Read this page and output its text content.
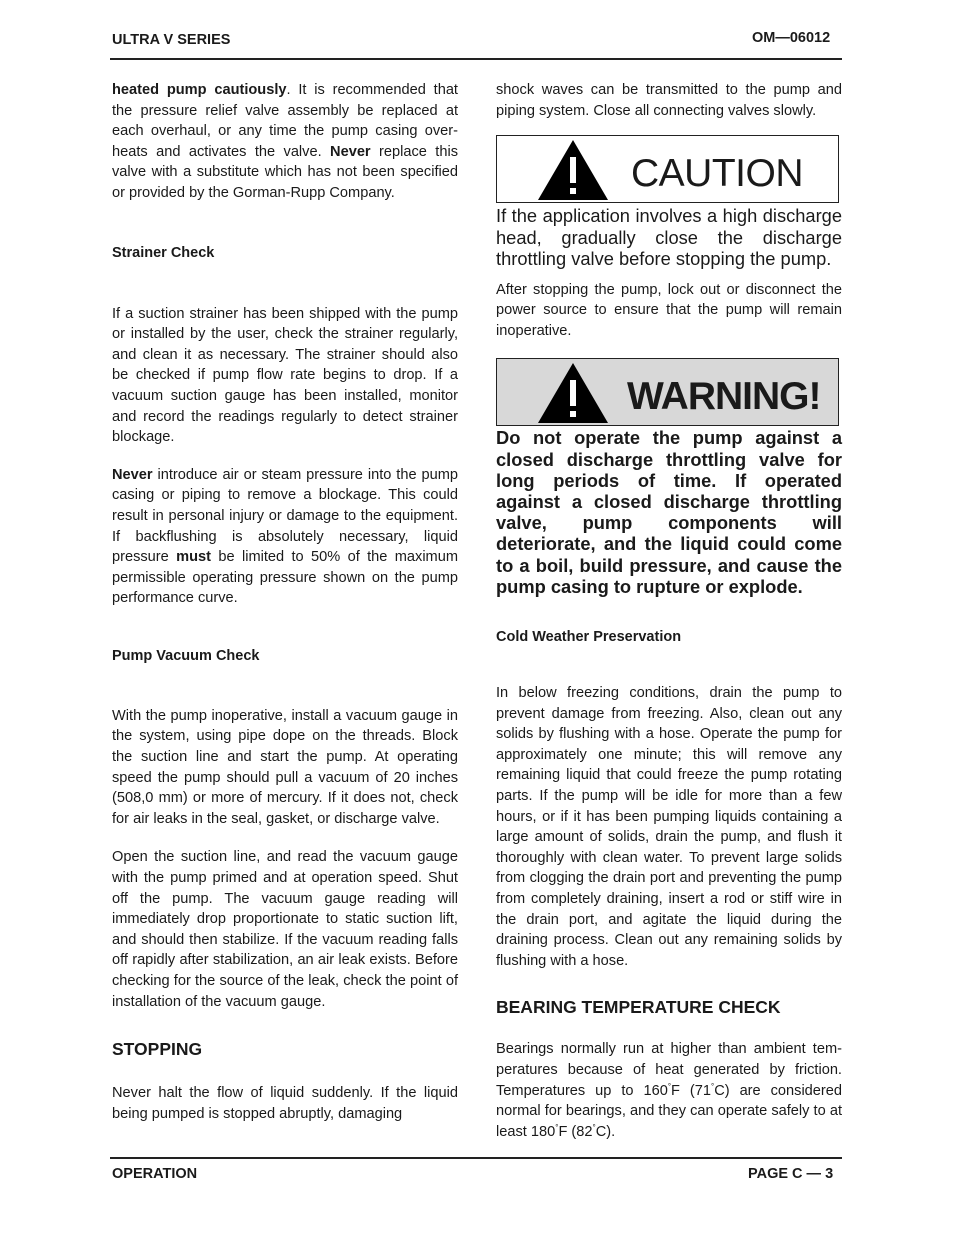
ULTRA V SERIES	OM—06012

heated pump cautiously. It is recommended that the pressure relief valve assembly be replaced at each overhaul, or any time the pump casing overheats and activates the valve. Never replace this valve with a substitute which has not been specified or provided by the Gorman-Rupp Company.

Strainer Check

If a suction strainer has been shipped with the pump or installed by the user, check the strainer regularly, and clean it as necessary. The strainer should also be checked if pump flow rate begins to drop. If a vacuum suction gauge has been installed, monitor and record the readings regularly to detect strainer blockage.

Never introduce air or steam pressure into the pump casing or piping to remove a blockage. This could result in personal injury or damage to the equipment. If backflushing is absolutely necessary, liquid pressure must be limited to 50% of the maximum permissible operating pressure shown on the pump performance curve.

Pump Vacuum Check

With the pump inoperative, install a vacuum gauge in the system, using pipe dope on the threads. Block the suction line and start the pump. At operating speed the pump should pull a vacuum of 20 inches (508,0 mm) or more of mercury. If it does not, check for air leaks in the seal, gasket, or discharge valve.

Open the suction line, and read the vacuum gauge with the pump primed and at operation speed. Shut off the pump. The vacuum gauge reading will immediately drop proportionate to static suction lift, and should then stabilize. If the vacuum reading falls off rapidly after stabilization, an air leak exists. Before checking for the source of the leak, check the point of installation of the vacuum gauge.

STOPPING

Never halt the flow of liquid suddenly. If the liquid being pumped is stopped abruptly, damaging

shock waves can be transmitted to the pump and piping system. Close all connecting valves slowly.

CAUTION

If the application involves a high discharge head, gradually close the discharge throttling valve before stopping the pump.

After stopping the pump, lock out or disconnect the power source to ensure that the pump will remain inoperative.

WARNING!

Do not operate the pump against a closed discharge throttling valve for long periods of time. If operated against a closed discharge throttling valve, pump components will deteriorate, and the liquid could come to a boil, build pressure, and cause the pump casing to rupture or explode.

Cold Weather Preservation

In below freezing conditions, drain the pump to prevent damage from freezing. Also, clean out any solids by flushing with a hose. Operate the pump for approximately one minute; this will remove any remaining liquid that could freeze the pump rotating parts. If the pump will be idle for more than a few hours, or if it has been pumping liquids containing a large amount of solids, drain the pump, and flush it thoroughly with clean water. To prevent large solids from clogging the drain port and preventing the pump from completely draining, insert a rod or stiff wire in the drain port, and agitate the liquid during the draining process. Clean out any remaining solids by flushing with a hose.

BEARING TEMPERATURE CHECK

Bearings normally run at higher than ambient temperatures because of heat generated by friction. Temperatures up to 160°F (71°C) are considered normal for bearings, and they can operate safely to at least 180°F (82°C).

OPERATION	PAGE C — 3
